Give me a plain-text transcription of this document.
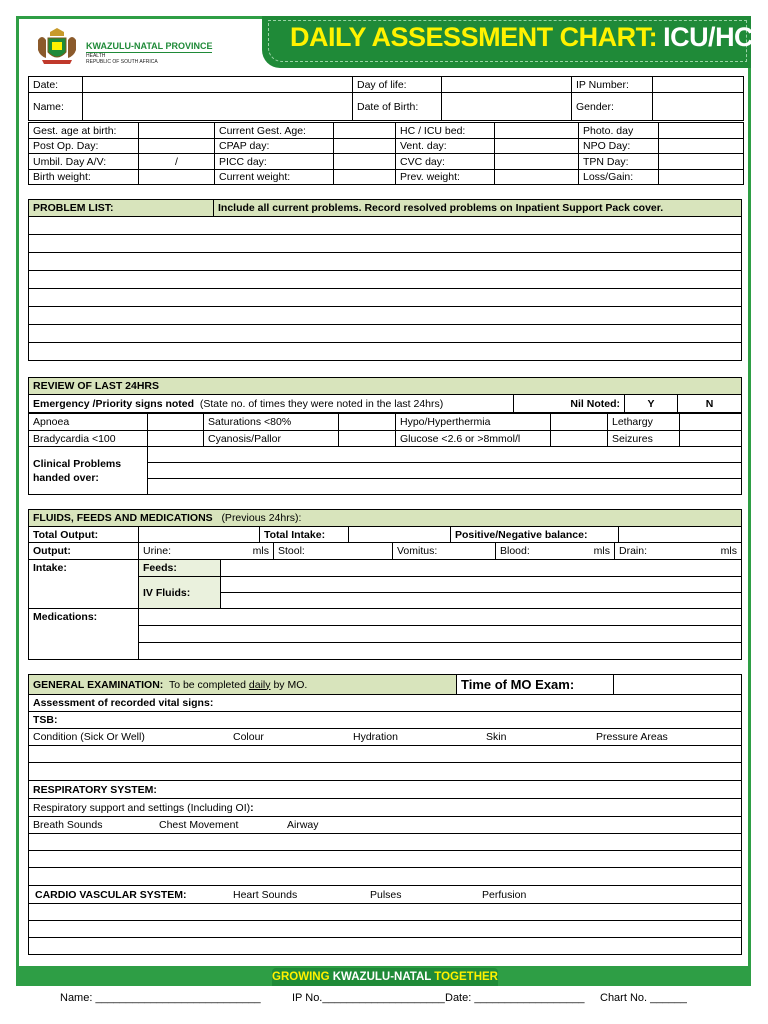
DAILY ASSESSMENT CHART: ICU/HC
KWAZULU-NATAL PROVINCE
HEALTH
REPUBLIC OF SOUTH AFRICA
Date:		Day of life:		IP Number:	
Name:		Date of Birth:		Gender:	
Gest. age at birth:		Current Gest. Age:		HC / ICU bed:		Photo. day	
Post Op. Day:		CPAP day:		Vent. day:		NPO Day:	
Umbil. Day A/V:	/	PICC day:		CVC day:		TPN Day:	
Birth weight:		Current weight:		Prev. weight:		Loss/Gain:	
PROBLEM LIST:	Include all current problems. Record resolved problems on Inpatient Support Pack cover.

REVIEW OF LAST 24HRS
Emergency /Priority signs noted (State no. of times they were noted in the last 24hrs)	Nil Noted:	Y	N
Apnoea		Saturations <80%		Hypo/Hyperthermia		Lethargy	
Bradycardia <100		Cyanosis/Pallor		Glucose <2.6 or >8mmol/l		Seizures	
Clinical Problems
handed over:	

FLUIDS, FEEDS AND MEDICATIONS (Previous 24hrs):
Total Output:		Total Intake:		Positive/Negative balance:	
Output:	Urine:	mls	Stool:	Vomitus:	Blood:	mls	Drain:	mls
Intake:	Feeds:	
	IV Fluids:	

Medications:	

GENERAL EXAMINATION: To be completed daily by MO.	Time of MO Exam:	
Assessment of recorded vital signs:
TSB:
Condition (Sick Or Well)	Colour	Hydration	Skin	Pressure Areas

RESPIRATORY SYSTEM:
Respiratory support and settings (Including OI):
Breath Sounds	Chest Movement	Airway

CARDIO VASCULAR SYSTEM:	Heart Sounds	Pulses	Perfusion

GROWING KWAZULU-NATAL TOGETHER
Name: ___________________________	IP No.____________________ Date: __________________ Chart No. ______
